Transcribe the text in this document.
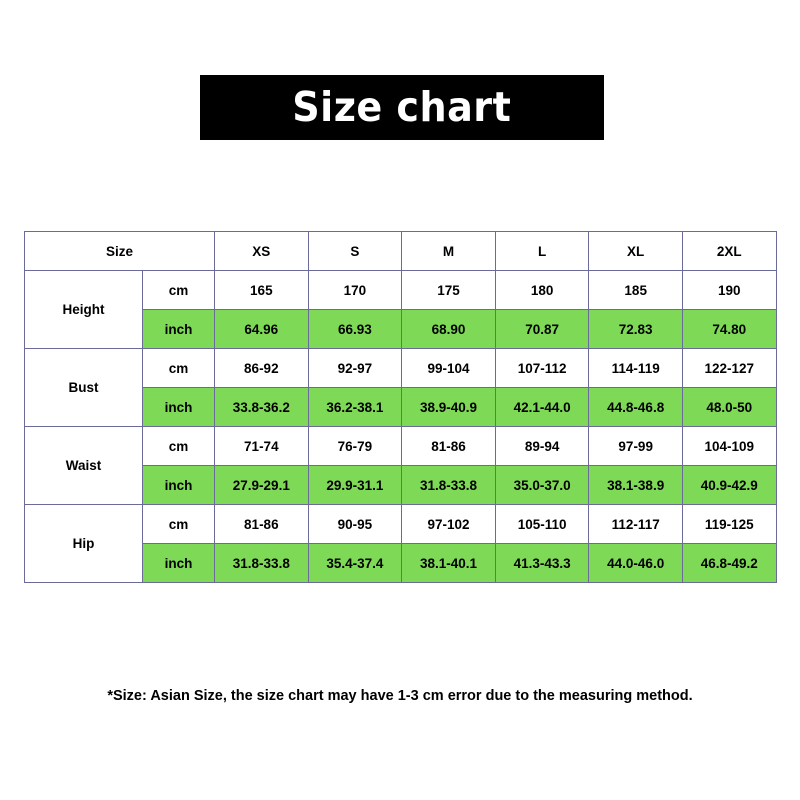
Size chart
Size		XS	S	M	L	XL	2XL
Height	cm	165	170	175	180	185	190
	inch	64.96	66.93	68.90	70.87	72.83	74.80
Bust	cm	86-92	92-97	99-104	107-112	114-119	122-127
	inch	33.8-36.2	36.2-38.1	38.9-40.9	42.1-44.0	44.8-46.8	48.0-50
Waist	cm	71-74	76-79	81-86	89-94	97-99	104-109
	inch	27.9-29.1	29.9-31.1	31.8-33.8	35.0-37.0	38.1-38.9	40.9-42.9
Hip	cm	81-86	90-95	97-102	105-110	112-117	119-125
	inch	31.8-33.8	35.4-37.4	38.1-40.1	41.3-43.3	44.0-46.0	46.8-49.2
*Size: Asian Size, the size chart may have 1-3 cm error due to the measuring method.
